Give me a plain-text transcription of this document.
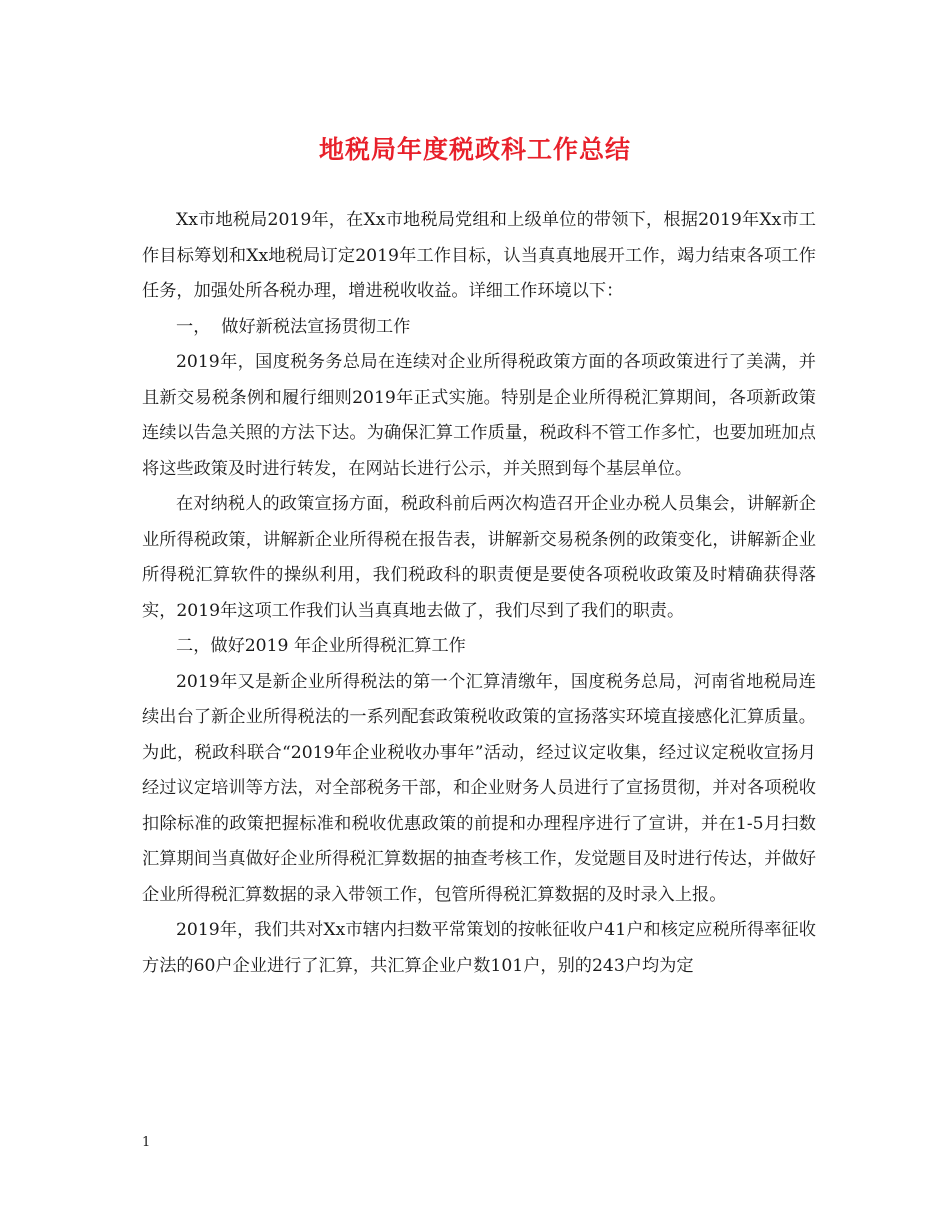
地税局年度税政科工作总结

Xx市地税局2019年，在Xx市地税局党组和上级单位的带领下，根据2019年Xx市工作目标筹划和Xx地税局订定2019年工作目标，认当真真地展开工作，竭力结束各项工作任务，加强处所各税办理，增进税收收益。详细工作环境以下：

一，  做好新税法宣扬贯彻工作

2019年，国度税务务总局在连续对企业所得税政策方面的各项政策进行了美满，并且新交易税条例和履行细则2019年正式实施。特别是企业所得税汇算期间，各项新政策连续以告急关照的方法下达。为确保汇算工作质量，税政科不管工作多忙，也要加班加点将这些政策及时进行转发，在网站长进行公示，并关照到每个基层单位。

在对纳税人的政策宣扬方面，税政科前后两次构造召开企业办税人员集会，讲解新企业所得税政策，讲解新企业所得税在报告表，讲解新交易税条例的政策变化，讲解新企业所得税汇算软件的操纵利用，我们税政科的职责便是要使各项税收政策及时精确获得落实，2019年这项工作我们认当真真地去做了，我们尽到了我们的职责。

二，做好2019 年企业所得税汇算工作

2019年又是新企业所得税法的第一个汇算清缴年，国度税务总局，河南省地税局连续出台了新企业所得税法的一系列配套政策税收政策的宣扬落实环境直接感化汇算质量。为此，税政科联合“2019年企业税收办事年”活动，经过议定收集，经过议定税收宣扬月经过议定培训等方法，对全部税务干部，和企业财务人员进行了宣扬贯彻，并对各项税收扣除标准的政策把握标准和税收优惠政策的前提和办理程序进行了宣讲，并在1-5月扫数汇算期间当真做好企业所得税汇算数据的抽查考核工作，发觉题目及时进行传达，并做好企业所得税汇算数据的录入带领工作，包管所得税汇算数据的及时录入上报。

2019年，我们共对Xx市辖内扫数平常策划的按帐征收户41户和核定应税所得率征收方法的60户企业进行了汇算，共汇算企业户数101户，别的243户均为定

1
